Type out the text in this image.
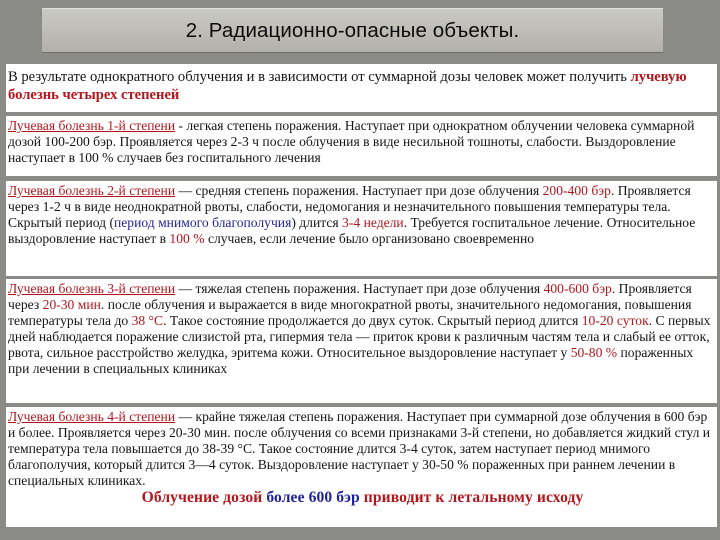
2. Радиационно-опасные объекты.
В результате однократного облучения и в зависимости от суммарной дозы человек может получить лучевую болезнь четырех степеней
Лучевая болезнь 1-й степени - легкая степень поражения. Наступает при однократном облучении человека суммарной дозой 100-200 бэр. Проявляется через 2-3 ч после облучения в виде несильной тошноты, слабости. Выздоровление наступает в 100 % случаев без госпитального лечения
Лучевая болезнь 2-й степени — средняя степень поражения. Наступает при дозе облучения 200-400 бэр. Проявляется через 1-2 ч в виде неоднократной рвоты, слабости, недомогания и незначительного повышения температуры тела. Скрытый период (период мнимого благополучия) длится 3-4 недели. Требуется госпитальное лечение. Относительное выздоровление наступает в 100 % случаев, если лечение было организовано своевременно
Лучевая болезнь 3-й степени — тяжелая степень поражения. Наступает при дозе облучения 400-600 бэр. Проявляется через 20-30 мин. после облучения и выражается в виде многократной рвоты, значительного недомогания, повышения температуры тела до 38 °С. Такое состояние продолжается до двух суток. Скрытый период длится 10-20 суток. С первых дней наблюдается поражение слизистой рта, гипермия тела — приток крови к различным частям тела и слабый ее отток, рвота, сильное расстройство желудка, эритема кожи. Относительное выздоровление наступает у 50-80 % пораженных при лечении в специальных клиниках
Лучевая болезнь 4-й степени — крайне тяжелая степень поражения. Наступает при суммарной дозе облучения в 600 бэр и более. Проявляется через 20-30 мин. после облучения со всеми признаками 3-й степени, но добавляется жидкий стул и температура тела повышается до 38-39 °С. Такое состояние длится 3-4 суток, затем наступает период мнимого благополучия, который длится 3—4 суток. Выздоровление наступает у 30-50 % пораженных при раннем лечении в специальных клиниках.
Облучение дозой более 600 бэр приводит к летальному исходу
